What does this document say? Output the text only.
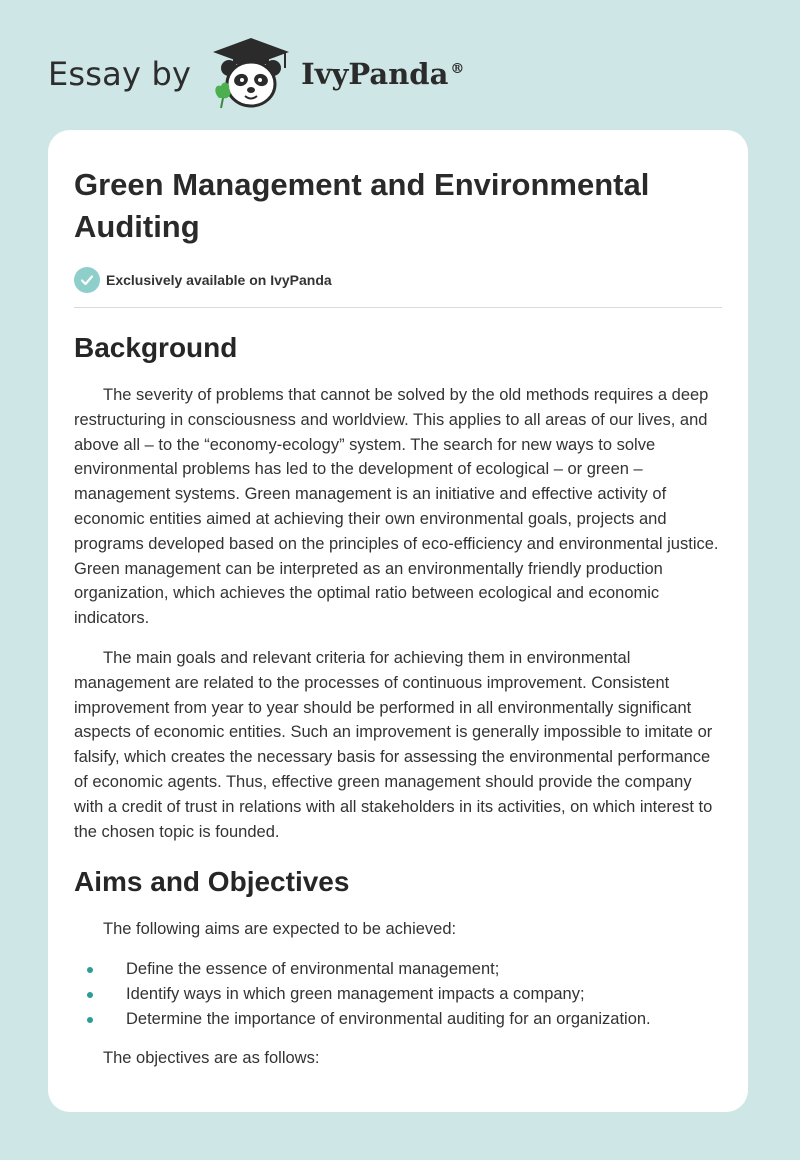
Essay by	IvyPanda ®
Green Management and Environmental Auditing
Exclusively available on IvyPanda
Background

The severity of problems that cannot be solved by the old methods requires a deep restructuring in consciousness and worldview. This applies to all areas of our lives, and above all – to the “economy-ecology” system. The search for new ways to solve environmental problems has led to the development of ecological – or green – management systems. Green management is an initiative and effective activity of economic entities aimed at achieving their own environmental goals, projects and programs developed based on the principles of eco-efficiency and environmental justice. Green management can be interpreted as an environmentally friendly production organization, which achieves the optimal ratio between ecological and economic indicators.

The main goals and relevant criteria for achieving them in environmental management are related to the processes of continuous improvement. Consistent improvement from year to year should be performed in all environmentally significant aspects of economic entities. Such an improvement is generally impossible to imitate or falsify, which creates the necessary basis for assessing the environmental performance of economic agents. Thus, effective green management should provide the company with a credit of trust in relations with all stakeholders in its activities, on which interest to the chosen topic is founded.

Aims and Objectives

The following aims are expected to be achieved:

Define the essence of environmental management;
Identify ways in which green management impacts a company;
Determine the importance of environmental auditing for an organization.

The objectives are as follows:
